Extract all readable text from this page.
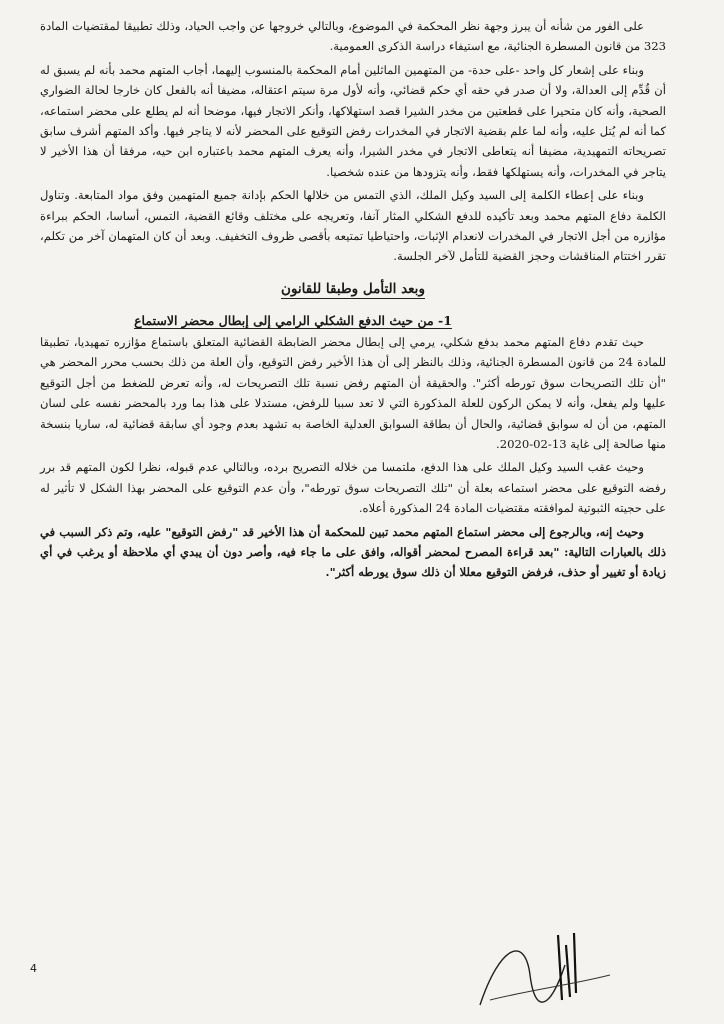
على الفور من شأنه أن يبرز وجهة نظر المحكمة في الموضوع، وبالتالي خروجها عن واجب الحياد، وذلك تطبيقا لمقتضيات المادة 323 من قانون المسطرة الجنائية، مع استيفاء دراسة الذكرى العمومية.

وبناء على إشعار كل واحد -على حدة- من المتهمين الماثلين أمام المحكمة بالمنسوب إليهما، أجاب المتهم محمد بأنه لم يسبق له أن قُدِّم إلى العدالة، ولا أن صدر في حقه أي حكم قضائي، وأنه لأول مرة سيتم اعتقاله، مضيفا أنه بالفعل كان خارجا لحالة الضواري الصحية، وأنه كان متحيرا على قطعتين من مخدر الشيرا قصد استهلاكها، وأنكر الاتجار فيها، موضحا أنه لم يطلع على محضر استماعه، كما أنه لم يُتل عليه، وأنه لما علم بقضية الاتجار في المخدرات رفض التوقيع على المحضر لأنه لا يتاجر فيها. وأكد المتهم أشرف سابق تصريحاته التمهيدية، مضيفا أنه يتعاطى الاتجار في مخدر الشيرا، وأنه يعرف المتهم محمد باعتباره ابن حيه، مرفقا أن هذا الأخير لا يتاجر في المخدرات، وأنه يستهلكها فقط، وأنه يتزودها من عنده شخصيا.

وبناء على إعطاء الكلمة إلى السيد وكيل الملك، الذي التمس من خلالها الحكم بإدانة جميع المتهمين وفق مواد المتابعة. وتناول الكلمة دفاع المتهم محمد وبعد تأكيده للدفع الشكلي المثار آنفا، وتعريجه على مختلف وقائع القضية، التمس، أساسا، الحكم ببراءة مؤازره من أجل الاتجار في المخدرات لانعدام الإثبات، واحتياطيا تمتيعه بأقصى ظروف التخفيف. وبعد أن كان المتهمان آخر من تكلم، تقرر اختتام المناقشات وحجز القضية للتأمل لآخر الجلسة.

وبعد التأمل وطبقا للقانون
1- من حيث الدفع الشكلي الرامي إلى إبطال محضر الاستماع

حيث تقدم دفاع المتهم محمد بدفع شكلي، يرمي إلى إبطال محضر الضابطة القضائية المتعلق باستماع مؤازره تمهيديا، تطبيقا للمادة 24 من قانون المسطرة الجنائية، وذلك بالنظر إلى أن هذا الأخير رفض التوقيع، وأن العلة من ذلك بحسب محرر المحضر هي "أن تلك التصريحات سوق تورطه أكثر". والحقيقة أن المتهم رفض نسبة تلك التصريحات له، وأنه تعرض للضغط من أجل التوقيع عليها ولم يفعل، وأنه لا يمكن الركون للعلة المذكورة التي لا تعد سببا للرفض، مستدلا على هذا بما ورد بالمحضر نفسه على لسان المتهم، من أن له سوابق قضائية، والحال أن بطاقة السوابق العدلية الخاصة به تشهد بعدم وجود أي سابقة قضائية له، ساريا بنسخة منها صالحة إلى غاية 13-02-2020.

وحيث عقب السيد وكيل الملك على هذا الدفع، ملتمسا من خلاله التصريح برده، وبالتالي عدم قبوله، نظرا لكون المتهم قد برر رفضه التوقيع على محضر استماعه بعلة أن "تلك التصريحات سوق تورطه"، وأن عدم التوقيع على المحضر بهذا الشكل لا تأثير له على حجيته الثبوتية لموافقته مقتضيات المادة 24 المذكورة أعلاه.

وحيث إنه، وبالرجوع إلى محضر استماع المتهم محمد تبين للمحكمة أن هذا الأخير قد "رفض التوقيع" عليه، وتم ذكر السبب في ذلك بالعبارات التالية: "بعد قراءة المصرح لمحضر أقواله، وافق على ما جاء فيه، وأصر دون أن يبدي أي ملاحظة أو يرغب في أي زيادة أو تغيير أو حذف، فرفض التوقيع معللا أن ذلك سوق يورطه أكثر".

4
